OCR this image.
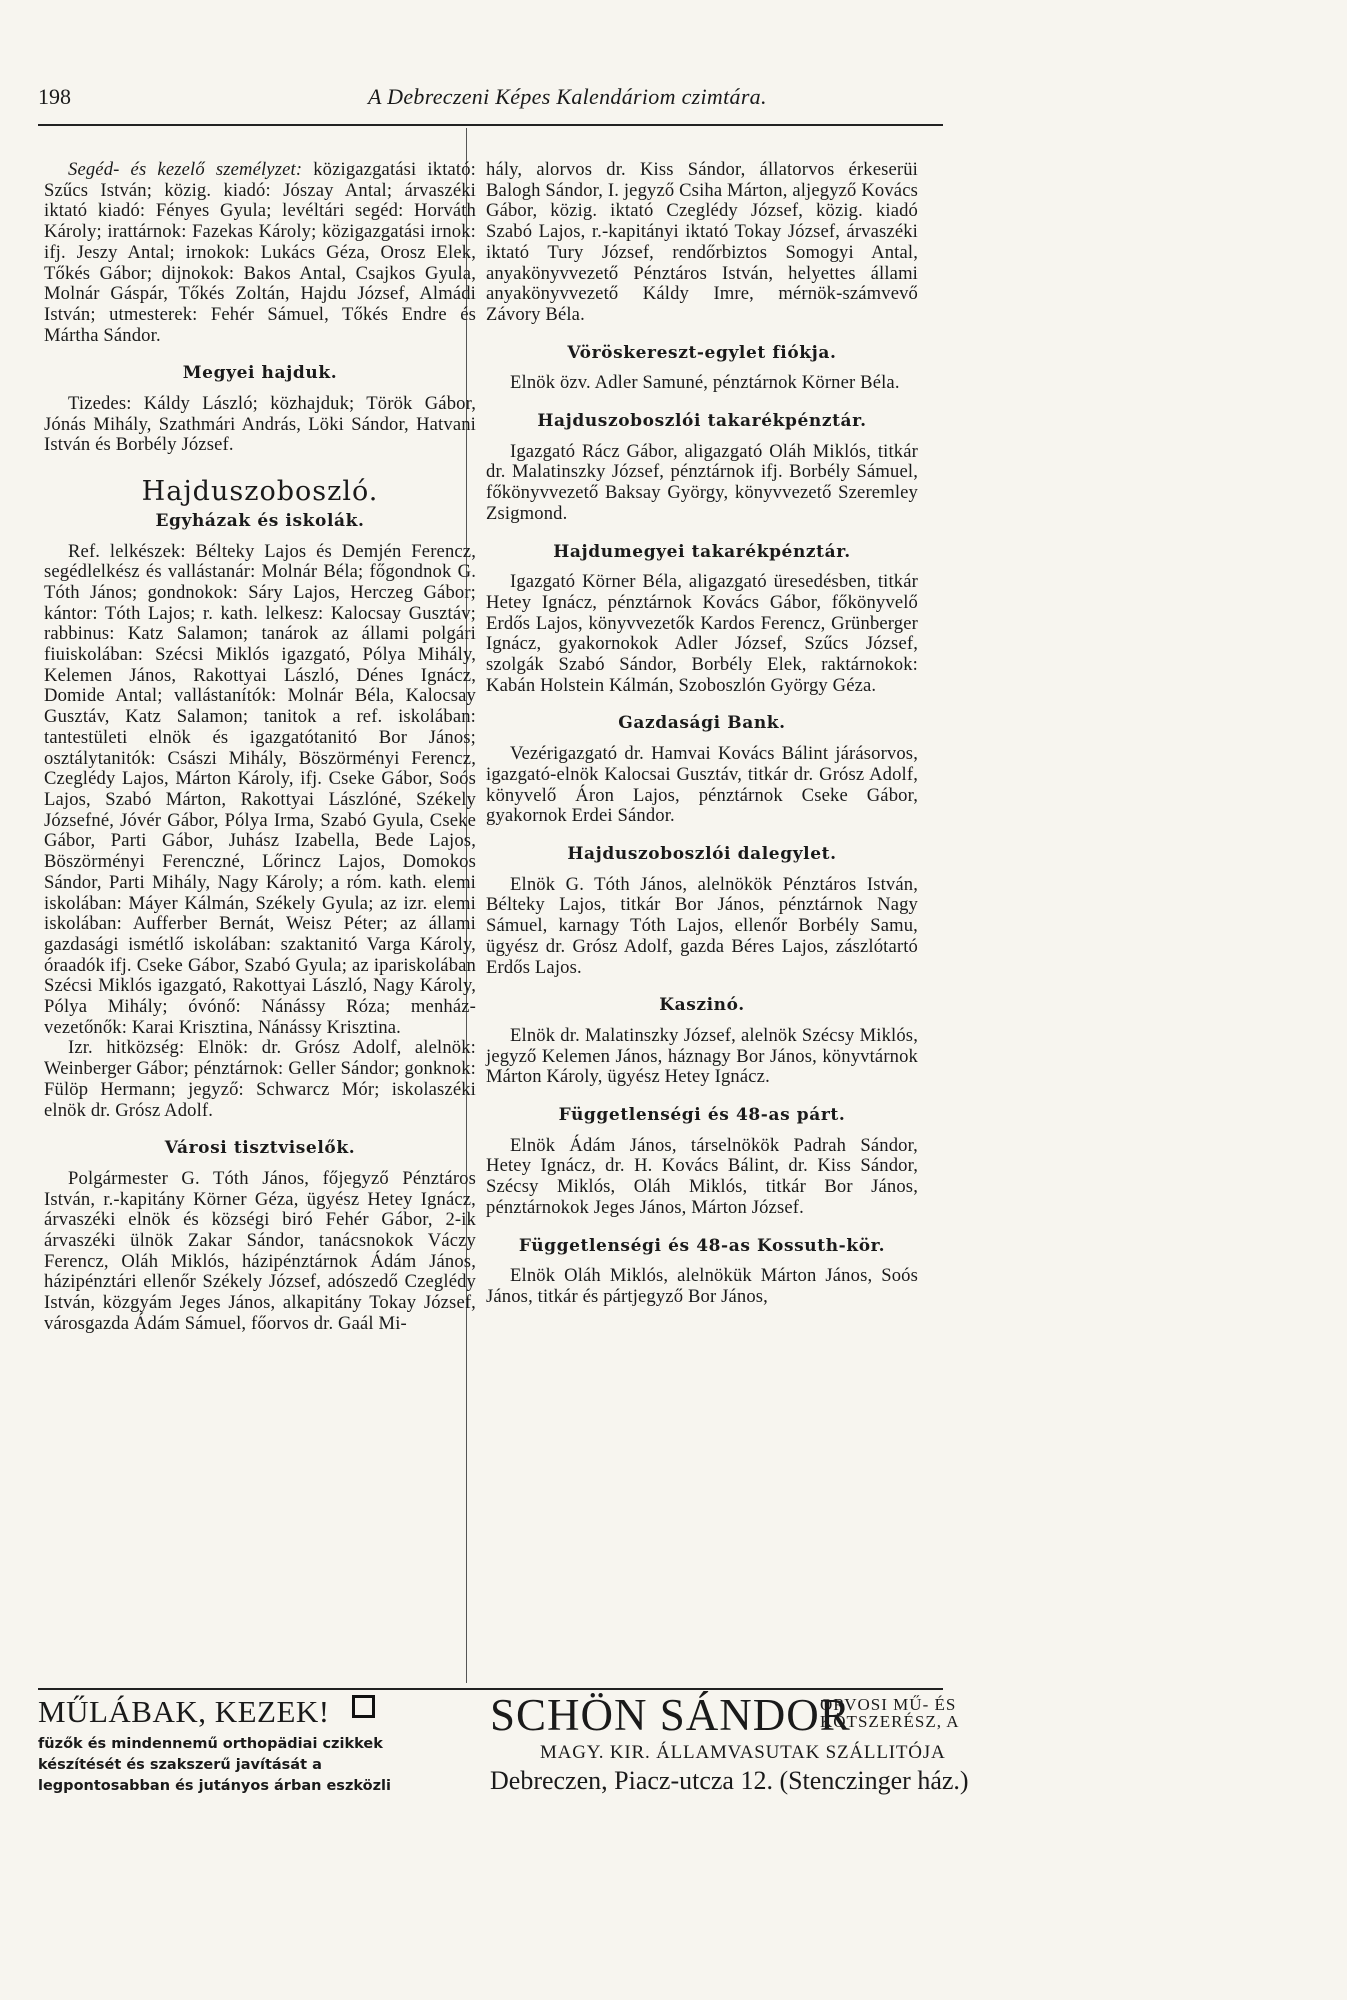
198	A Debreczeni Képes Kalendáriom czimtára.

Segéd- és kezelő személyzet: közigazgatási iktató: Szűcs István; közig. kiadó: Jószay Antal; árvaszéki iktató kiadó: Fényes Gyula; levéltári segéd: Horváth Károly; irattárnok: Fazekas Károly; közigazgatási irnok: ifj. Jeszy Antal; irnokok: Lukács Géza, Orosz Elek, Tőkés Gábor; dijnokok: Bakos Antal, Csajkos Gyula, Molnár Gáspár, Tőkés Zoltán, Hajdu József, Almádi István; utmesterek: Fehér Sámuel, Tőkés Endre és Mártha Sándor.

Megyei hajduk.

Tizedes: Káldy László; közhajduk; Török Gábor, Jónás Mihály, Szathmári András, Löki Sándor, Hatvani István és Borbély József.

Hajduszoboszló.
Egyházak és iskolák.

Ref. lelkészek: Bélteky Lajos és Demjén Ferencz, segédlelkész és vallástanár: Molnár Béla; főgondnok G. Tóth János; gondnokok: Sáry Lajos, Herczeg Gábor; kántor: Tóth Lajos; r. kath. lelkesz: Kalocsay Gusztáv; rabbinus: Katz Salamon; tanárok az állami polgári fiuiskolában: Szécsi Miklós igazgató, Pólya Mihály, Kelemen János, Rakottyai László, Dénes Ignácz, Domide Antal; vallástanítók: Molnár Béla, Kalocsay Gusztáv, Katz Salamon; tanitok a ref. iskolában: tantestületi elnök és igazgatótanitó Bor János; osztálytanitók: Császi Mihály, Böszörményi Ferencz, Czeglédy Lajos, Márton Károly, ifj. Cseke Gábor, Soós Lajos, Szabó Márton, Rakottyai Lászlóné, Székely Józsefné, Jóvér Gábor, Pólya Irma, Szabó Gyula, Cseke Gábor, Parti Gábor, Juhász Izabella, Bede Lajos, Böszörményi Ferenczné, Lőrincz Lajos, Domokos Sándor, Parti Mihály, Nagy Károly; a róm. kath. elemi iskolában: Máyer Kálmán, Székely Gyula; az izr. elemi iskolában: Aufferber Bernát, Weisz Péter; az állami gazdasági ismétlő iskolában: szaktanitó Varga Károly, óraadók ifj. Cseke Gábor, Szabó Gyula; az ipariskolában Szécsi Miklós igazgató, Rakottyai László, Nagy Károly, Pólya Mihály; óvónő: Nánássy Róza; menház-vezetőnők: Karai Krisztina, Nánássy Krisztina.

Izr. hitközség: Elnök: dr. Grósz Adolf, alelnök: Weinberger Gábor; pénztárnok: Geller Sándor; gonknok: Fülöp Hermann; jegyző: Schwarcz Mór; iskolaszéki elnök dr. Grósz Adolf.

Városi tisztviselők.

Polgármester G. Tóth János, főjegyző Pénztáros István, r.-kapitány Körner Géza, ügyész Hetey Ignácz, árvaszéki elnök és községi biró Fehér Gábor, 2-ik árvaszéki ülnök Zakar Sándor, tanácsnokok Váczy Ferencz, Oláh Miklós, házipénztárnok Ádám János, házipénztári ellenőr Székely József, adószedő Czeglédy István, közgyám Jeges János, alkapitány Tokay József, városgazda Ádám Sámuel, főorvos dr. Gaál Mi-

hály, alorvos dr. Kiss Sándor, állatorvos érkeserüi Balogh Sándor, I. jegyző Csiha Márton, aljegyző Kovács Gábor, közig. iktató Czeglédy József, közig. kiadó Szabó Lajos, r.-kapitányi iktató Tokay József, árvaszéki iktató Tury József, rendőrbiztos Somogyi Antal, anyakönyvvezető Pénztáros István, helyettes állami anyakönyvvezető Káldy Imre, mérnök-számvevő Závory Béla.

Vöröskereszt-egylet fiókja.

Elnök özv. Adler Samuné, pénztárnok Körner Béla.

Hajduszoboszlói takarékpénztár.

Igazgató Rácz Gábor, aligazgató Oláh Miklós, titkár dr. Malatinszky József, pénztárnok ifj. Borbély Sámuel, főkönyvvezető Baksay György, könyvvezető Szeremley Zsigmond.

Hajdumegyei takarékpénztár.

Igazgató Körner Béla, aligazgató üresedésben, titkár Hetey Ignácz, pénztárnok Kovács Gábor, főkönyvelő Erdős Lajos, könyvvezetők Kardos Ferencz, Grünberger Ignácz, gyakornokok Adler József, Szűcs József, szolgák Szabó Sándor, Borbély Elek, raktárnokok: Kabán Holstein Kálmán, Szoboszlón György Géza.

Gazdasági Bank.

Vezérigazgató dr. Hamvai Kovács Bálint járásorvos, igazgató-elnök Kalocsai Gusztáv, titkár dr. Grósz Adolf, könyvelő Áron Lajos, pénztárnok Cseke Gábor, gyakornok Erdei Sándor.

Hajduszoboszlói dalegylet.

Elnök G. Tóth János, alelnökök Pénztáros István, Bélteky Lajos, titkár Bor János, pénztárnok Nagy Sámuel, karnagy Tóth Lajos, ellenőr Borbély Samu, ügyész dr. Grósz Adolf, gazda Béres Lajos, zászlótartó Erdős Lajos.

Kaszinó.

Elnök dr. Malatinszky József, alelnök Szécsy Miklós, jegyző Kelemen János, háznagy Bor János, könyvtárnok Márton Károly, ügyész Hetey Ignácz.

Függetlenségi és 48-as párt.

Elnök Ádám János, társelnökök Padrah Sándor, Hetey Ignácz, dr. H. Kovács Bálint, dr. Kiss Sándor, Szécsy Miklós, Oláh Miklós, titkár Bor János, pénztárnokok Jeges János, Márton József.

Függetlenségi és 48-as Kossuth-kör.

Elnök Oláh Miklós, alelnökük Márton János, Soós János, titkár és pártjegyző Bor János,

MŰLÁBAK, KEZEK!
füzők és mindennemű orthopädiai czikkek készítését és szakszerű javítását a legpontosabban és jutányos árban eszközli
SCHÖN SÁNDOR
ORVOSI MŰ- ÉS
KÖTSZERÉSZ, A
MAGY. KIR. ÁLLAMVASUTAK SZÁLLITÓJA
Debreczen, Piacz-utcza 12. (Stenczinger ház.)
